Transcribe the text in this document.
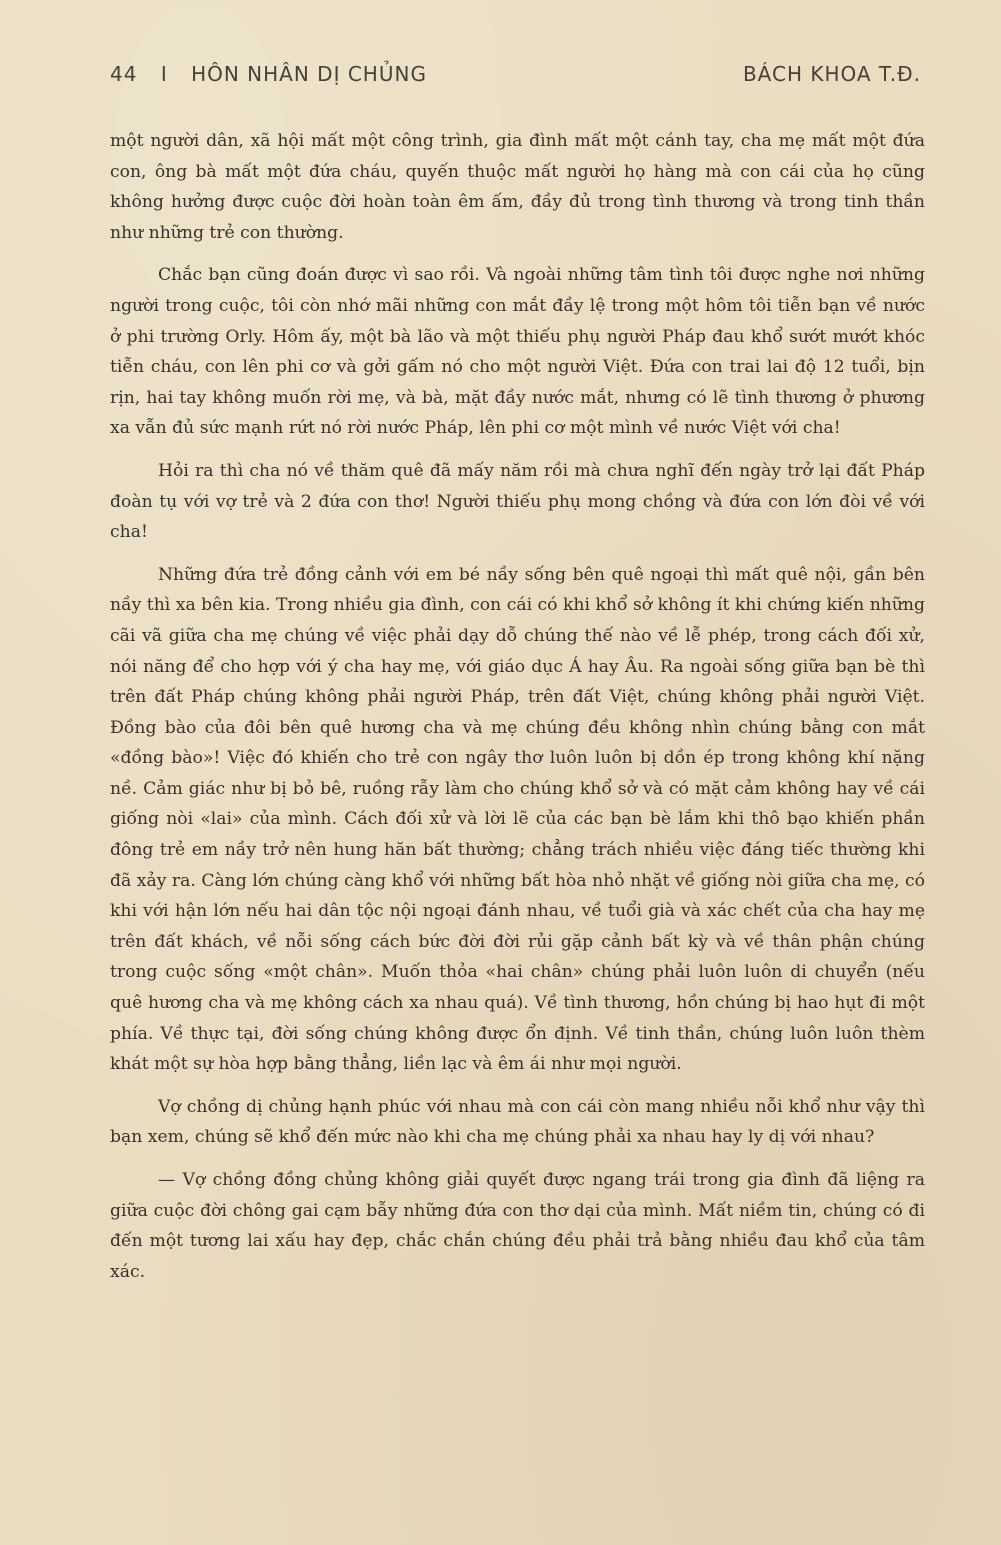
44 I HÔN NHÂN DỊ CHỦNG	BÁCH KHOA T.Đ.

một người dân, xã hội mất một công trình, gia đình mất một cánh tay, cha mẹ mất một đứa con, ông bà mất một đứa cháu, quyến thuộc mất người họ hàng mà con cái của họ cũng không hưởng được cuộc đời hoàn toàn êm ấm, đầy đủ trong tình thương và trong tinh thần như những trẻ con thường.

Chắc bạn cũng đoán được vì sao rồi. Và ngoài những tâm tình tôi được nghe nơi những người trong cuộc, tôi còn nhớ mãi những con mắt đầy lệ trong một hôm tôi tiễn bạn về nước ở phi trường Orly. Hôm ấy, một bà lão và một thiếu phụ người Pháp đau khổ sướt mướt khóc tiễn cháu, con lên phi cơ và gởi gấm nó cho một người Việt. Đứa con trai lai độ 12 tuổi, bịn rịn, hai tay không muốn rời mẹ, và bà, mặt đầy nước mắt, nhưng có lẽ tình thương ở phương xa vẫn đủ sức mạnh rứt nó rời nước Pháp, lên phi cơ một mình về nước Việt với cha!

Hỏi ra thì cha nó về thăm quê đã mấy năm rồi mà chưa nghĩ đến ngày trở lại đất Pháp đoàn tụ với vợ trẻ và 2 đứa con thơ! Người thiếu phụ mong chồng và đứa con lớn đòi về với cha!

Những đứa trẻ đồng cảnh với em bé nầy sống bên quê ngoại thì mất quê nội, gần bên nầy thì xa bên kia. Trong nhiều gia đình, con cái có khi khổ sở không ít khi chứng kiến những cãi vã giữa cha mẹ chúng về việc phải dạy dỗ chúng thế nào về lễ phép, trong cách đối xử, nói năng để cho hợp với ý cha hay mẹ, với giáo dục Á hay Âu. Ra ngoài sống giữa bạn bè thì trên đất Pháp chúng không phải người Pháp, trên đất Việt, chúng không phải người Việt. Đồng bào của đôi bên quê hương cha và mẹ chúng đều không nhìn chúng bằng con mắt «đồng bào»! Việc đó khiến cho trẻ con ngây thơ luôn luôn bị dồn ép trong không khí nặng nề. Cảm giác như bị bỏ bê, ruồng rẫy làm cho chúng khổ sở và có mặt cảm không hay về cái giống nòi «lai» của mình. Cách đối xử và lời lẽ của các bạn bè lắm khi thô bạo khiến phần đông trẻ em nầy trở nên hung hăn bất thường; chẳng trách nhiều việc đáng tiếc thường khi đã xảy ra. Càng lớn chúng càng khổ với những bất hòa nhỏ nhặt về giống nòi giữa cha mẹ, có khi với hận lớn nếu hai dân tộc nội ngoại đánh nhau, về tuổi già và xác chết của cha hay mẹ trên đất khách, về nỗi sống cách bức đời đời rủi gặp cảnh bất kỳ và về thân phận chúng trong cuộc sống «một chân». Muốn thỏa «hai chân» chúng phải luôn luôn di chuyển (nếu quê hương cha và mẹ không cách xa nhau quá). Về tình thương, hồn chúng bị hao hụt đi một phía. Về thực tại, đời sống chúng không được ổn định. Về tinh thần, chúng luôn luôn thèm khát một sự hòa hợp bằng thẳng, liền lạc và êm ái như mọi người.

Vợ chồng dị chủng hạnh phúc với nhau mà con cái còn mang nhiều nỗi khổ như vậy thì bạn xem, chúng sẽ khổ đến mức nào khi cha mẹ chúng phải xa nhau hay ly dị với nhau?

— Vợ chồng đồng chủng không giải quyết được ngang trái trong gia đình đã liệng ra giữa cuộc đời chông gai cạm bẫy những đứa con thơ dại của mình. Mất niềm tin, chúng có đi đến một tương lai xấu hay đẹp, chắc chắn chúng đều phải trả bằng nhiều đau khổ của tâm xác.
